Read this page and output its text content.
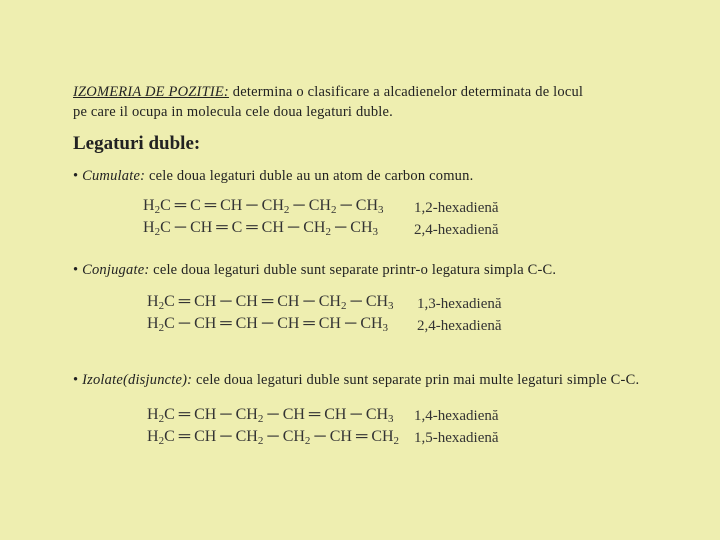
IZOMERIA DE POZITIE: determina o clasificare a alcadienelor determinata de locul
pe care il ocupa in molecula cele doua legaturi duble.
Legaturi duble:
• Cumulate: cele doua legaturi duble au un atom de carbon comun.
$H_2C$ ═ C ═ CH ─ $CH_2$ ─ $CH_2$ ─ $CH_3$
$H_2C$ ─ CH ═ C ═ CH ─ $CH_2$ ─ $CH_3$
1,2-hexadienă
2,4-hexadienă
• Conjugate: cele doua legaturi duble sunt separate printr-o legatura simpla C-C.
$H_2C$ ═ CH ─ CH ═ CH ─ $CH_2$ ─ $CH_3$
$H_2C$ ─ CH ═ CH ─ CH ═ CH ─ $CH_3$
1,3-hexadienă
2,4-hexadienă
• Izolate(disjuncte): cele doua legaturi duble sunt separate prin mai multe legaturi simple C-C.
$H_2C$ ═ CH ─ $CH_2$ ─ CH ═ CH ─ $CH_3$
$H_2C$ ═ CH ─ $CH_2$ ─ $CH_2$ ─ CH ═ $CH_2$
1,4-hexadienă
1,5-hexadienă
